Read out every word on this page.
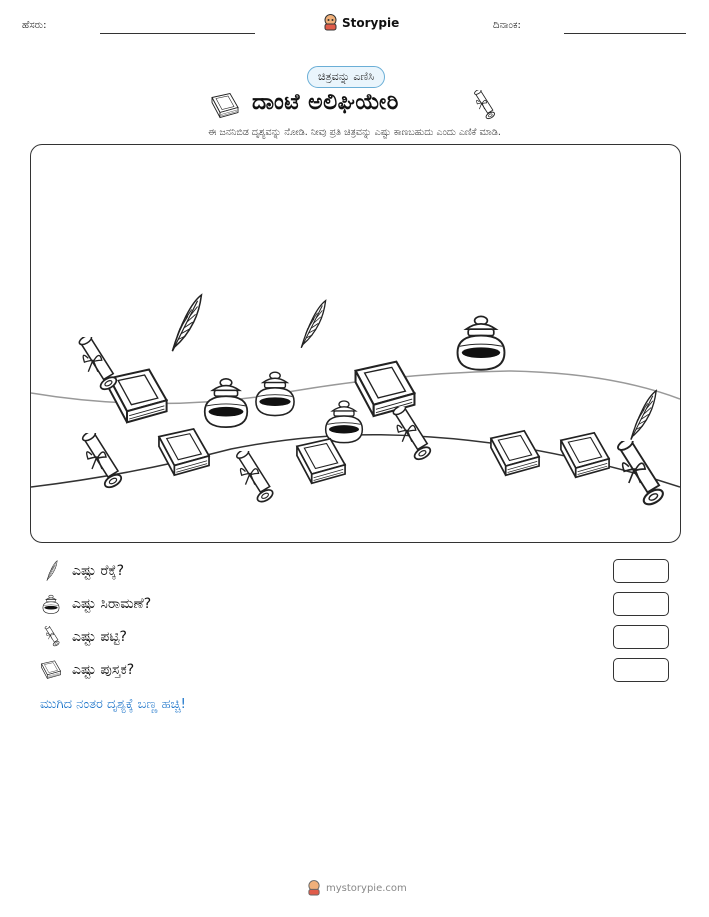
ಹೆಸರು:	Storypie	ದಿನಾಂಕ:
ಚಿತ್ರವನ್ನು ಎಣಿಸಿ
ದಾಂಟೆ ಅಲಿಘಿಯೇರಿ
ಈ ಜನನಿಬಿಡ ದೃಶ್ಯವನ್ನು ನೋಡಿ. ನೀವು ಪ್ರತಿ ಚಿತ್ರವನ್ನು ಎಷ್ಟು ಕಾಣಬಹುದು ಎಂದು ಎಣಿಕೆ ಮಾಡಿ.
ಎಷ್ಟು ರೆಕ್ಕೆ?
ಎಷ್ಟು ಸಿರಾಮಣೆ?
ಎಷ್ಟು ಪಟ್ಟಿ?
ಎಷ್ಟು ಪುಸ್ತಕ?
ಮುಗಿದ ನಂತರ ದೃಶ್ಯಕ್ಕೆ ಬಣ್ಣ ಹಚ್ಚಿ!
mystorypie.com
